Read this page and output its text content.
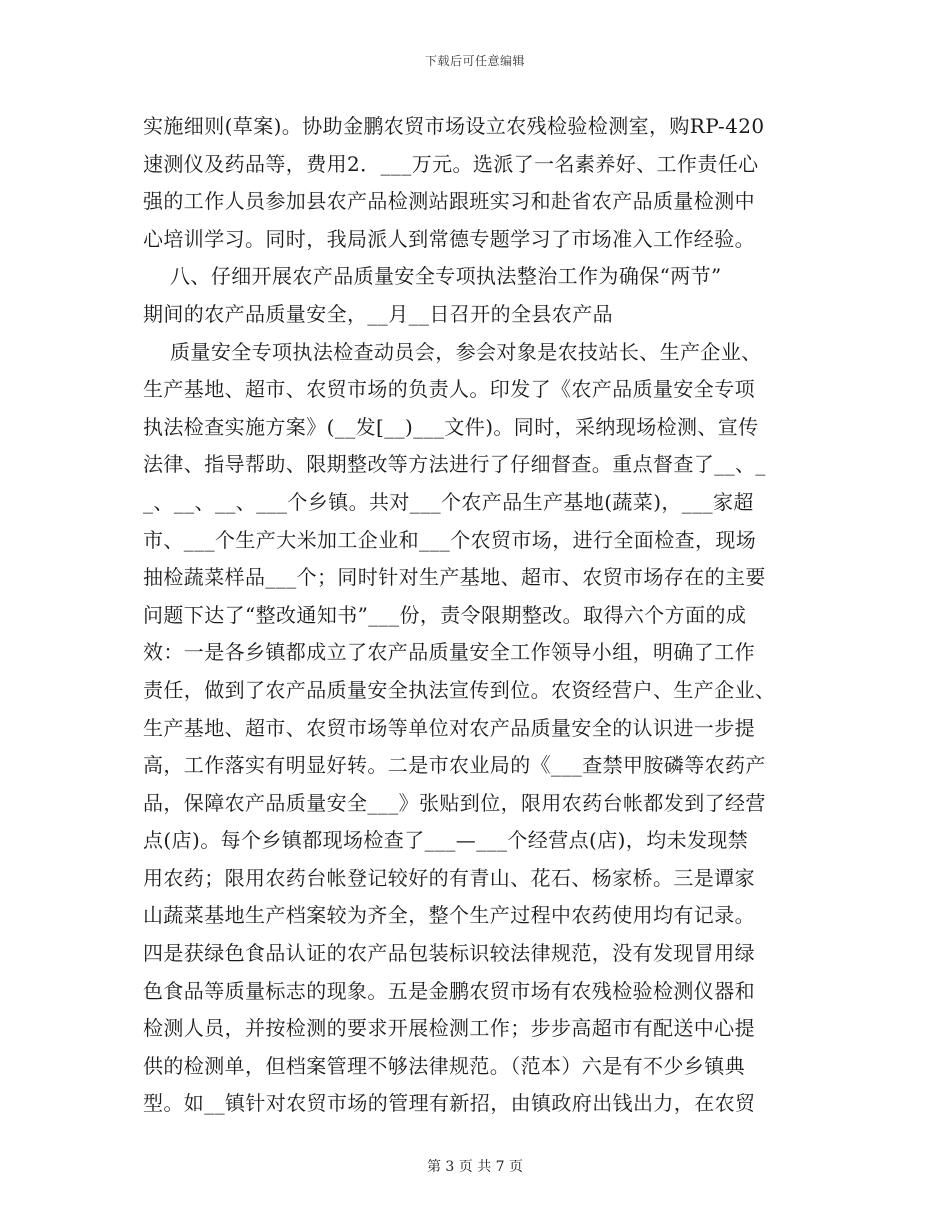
下载后可任意编辑
实施细则(草案)。协助金鹏农贸市场设立农残检验检测室，购RP-420
速测仪及药品等，费用2．___万元。选派了一名素养好、工作责任心
强的工作人员参加县农产品检测站跟班实习和赴省农产品质量检测中
心培训学习。同时，我局派人到常德专题学习了市场准入工作经验。
八、仔细开展农产品质量安全专项执法整治工作为确保“两节”
期间的农产品质量安全，__月__日召开的全县农产品
质量安全专项执法检查动员会，参会对象是农技站长、生产企业、
生产基地、超市、农贸市场的负责人。印发了《农产品质量安全专项
执法检查实施方案》(__发[__)___文件)。同时，采纳现场检测、宣传
法律、指导帮助、限期整改等方法进行了仔细督查。重点督查了__、_
_、__、__、___个乡镇。共对___个农产品生产基地(蔬菜)，___家超
市、___个生产大米加工企业和___个农贸市场，进行全面检查，现场
抽检蔬菜样品___个；同时针对生产基地、超市、农贸市场存在的主要
问题下达了“整改通知书”___份，责令限期整改。取得六个方面的成
效：一是各乡镇都成立了农产品质量安全工作领导小组，明确了工作
责任，做到了农产品质量安全执法宣传到位。农资经营户、生产企业、
生产基地、超市、农贸市场等单位对农产品质量安全的认识进一步提
高，工作落实有明显好转。二是市农业局的《___查禁甲胺磷等农药产
品，保障农产品质量安全___》张贴到位，限用农药台帐都发到了经营
点(店)。每个乡镇都现场检查了___—___个经营点(店)，均未发现禁
用农药；限用农药台帐登记较好的有青山、花石、杨家桥。三是谭家
山蔬菜基地生产档案较为齐全，整个生产过程中农药使用均有记录。
四是获绿色食品认证的农产品包装标识较法律规范，没有发现冒用绿
色食品等质量标志的现象。五是金鹏农贸市场有农残检验检测仪器和
检测人员，并按检测的要求开展检测工作；步步高超市有配送中心提
供的检测单，但档案管理不够法律规范。（范本）六是有不少乡镇典
型。如__镇针对农贸市场的管理有新招，由镇政府出钱出力，在农贸
第 3 页 共 7 页
